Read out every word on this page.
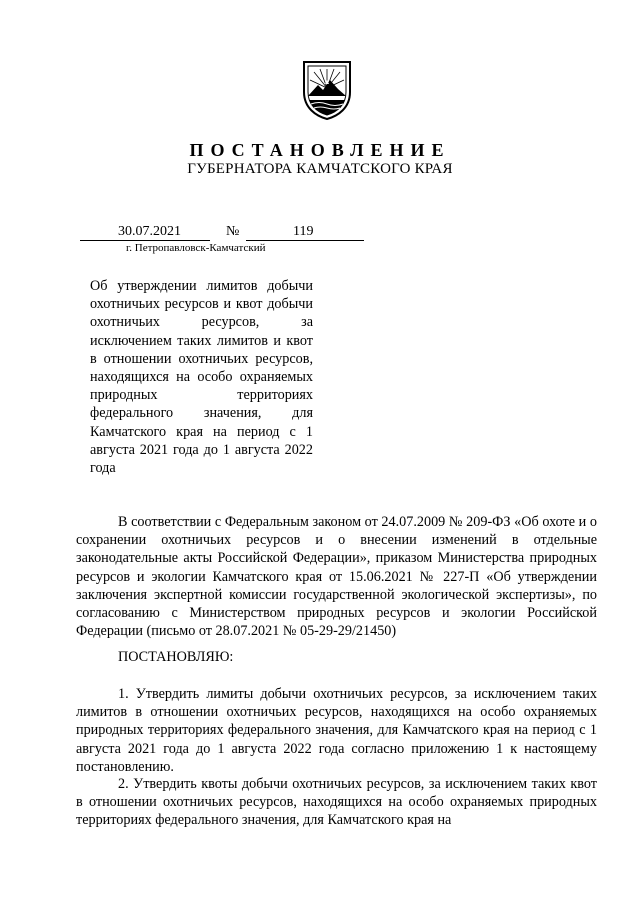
ПОСТАНОВЛЕНИЕ
ГУБЕРНАТОРА КАМЧАТСКОГО КРАЯ
30.07.2021	№	119
г. Петропавловск-Камчатский
Об утверждении лимитов добычи охотничьих ресурсов и квот добычи охотничьих ресурсов, за исключением таких лимитов и квот в отношении охотничьих ресурсов, находящихся на особо охраняемых природных территориях федерального значения, для Камчатского края на период с 1 августа 2021 года до 1 августа 2022 года
В соответствии с Федеральным законом от 24.07.2009 № 209-ФЗ «Об охоте и о сохранении охотничьих ресурсов и о внесении изменений в отдельные законодательные акты Российской Федерации», приказом Министерства природных ресурсов и экологии Камчатского края от 15.06.2021 № 227-П «Об утверждении заключения экспертной комиссии государственной экологической экспертизы», по согласованию с Министерством природных ресурсов и экологии Российской Федерации (письмо от 28.07.2021 № 05-29-29/21450)
ПОСТАНОВЛЯЮ:
1. Утвердить лимиты добычи охотничьих ресурсов, за исключением таких лимитов в отношении охотничьих ресурсов, находящихся на особо охраняемых природных территориях федерального значения, для Камчатского края на период с 1 августа 2021 года до 1 августа 2022 года согласно приложению 1 к настоящему постановлению.
2. Утвердить квоты добычи охотничьих ресурсов, за исключением таких квот в отношении охотничьих ресурсов, находящихся на особо охраняемых природных территориях федерального значения, для Камчатского края на
